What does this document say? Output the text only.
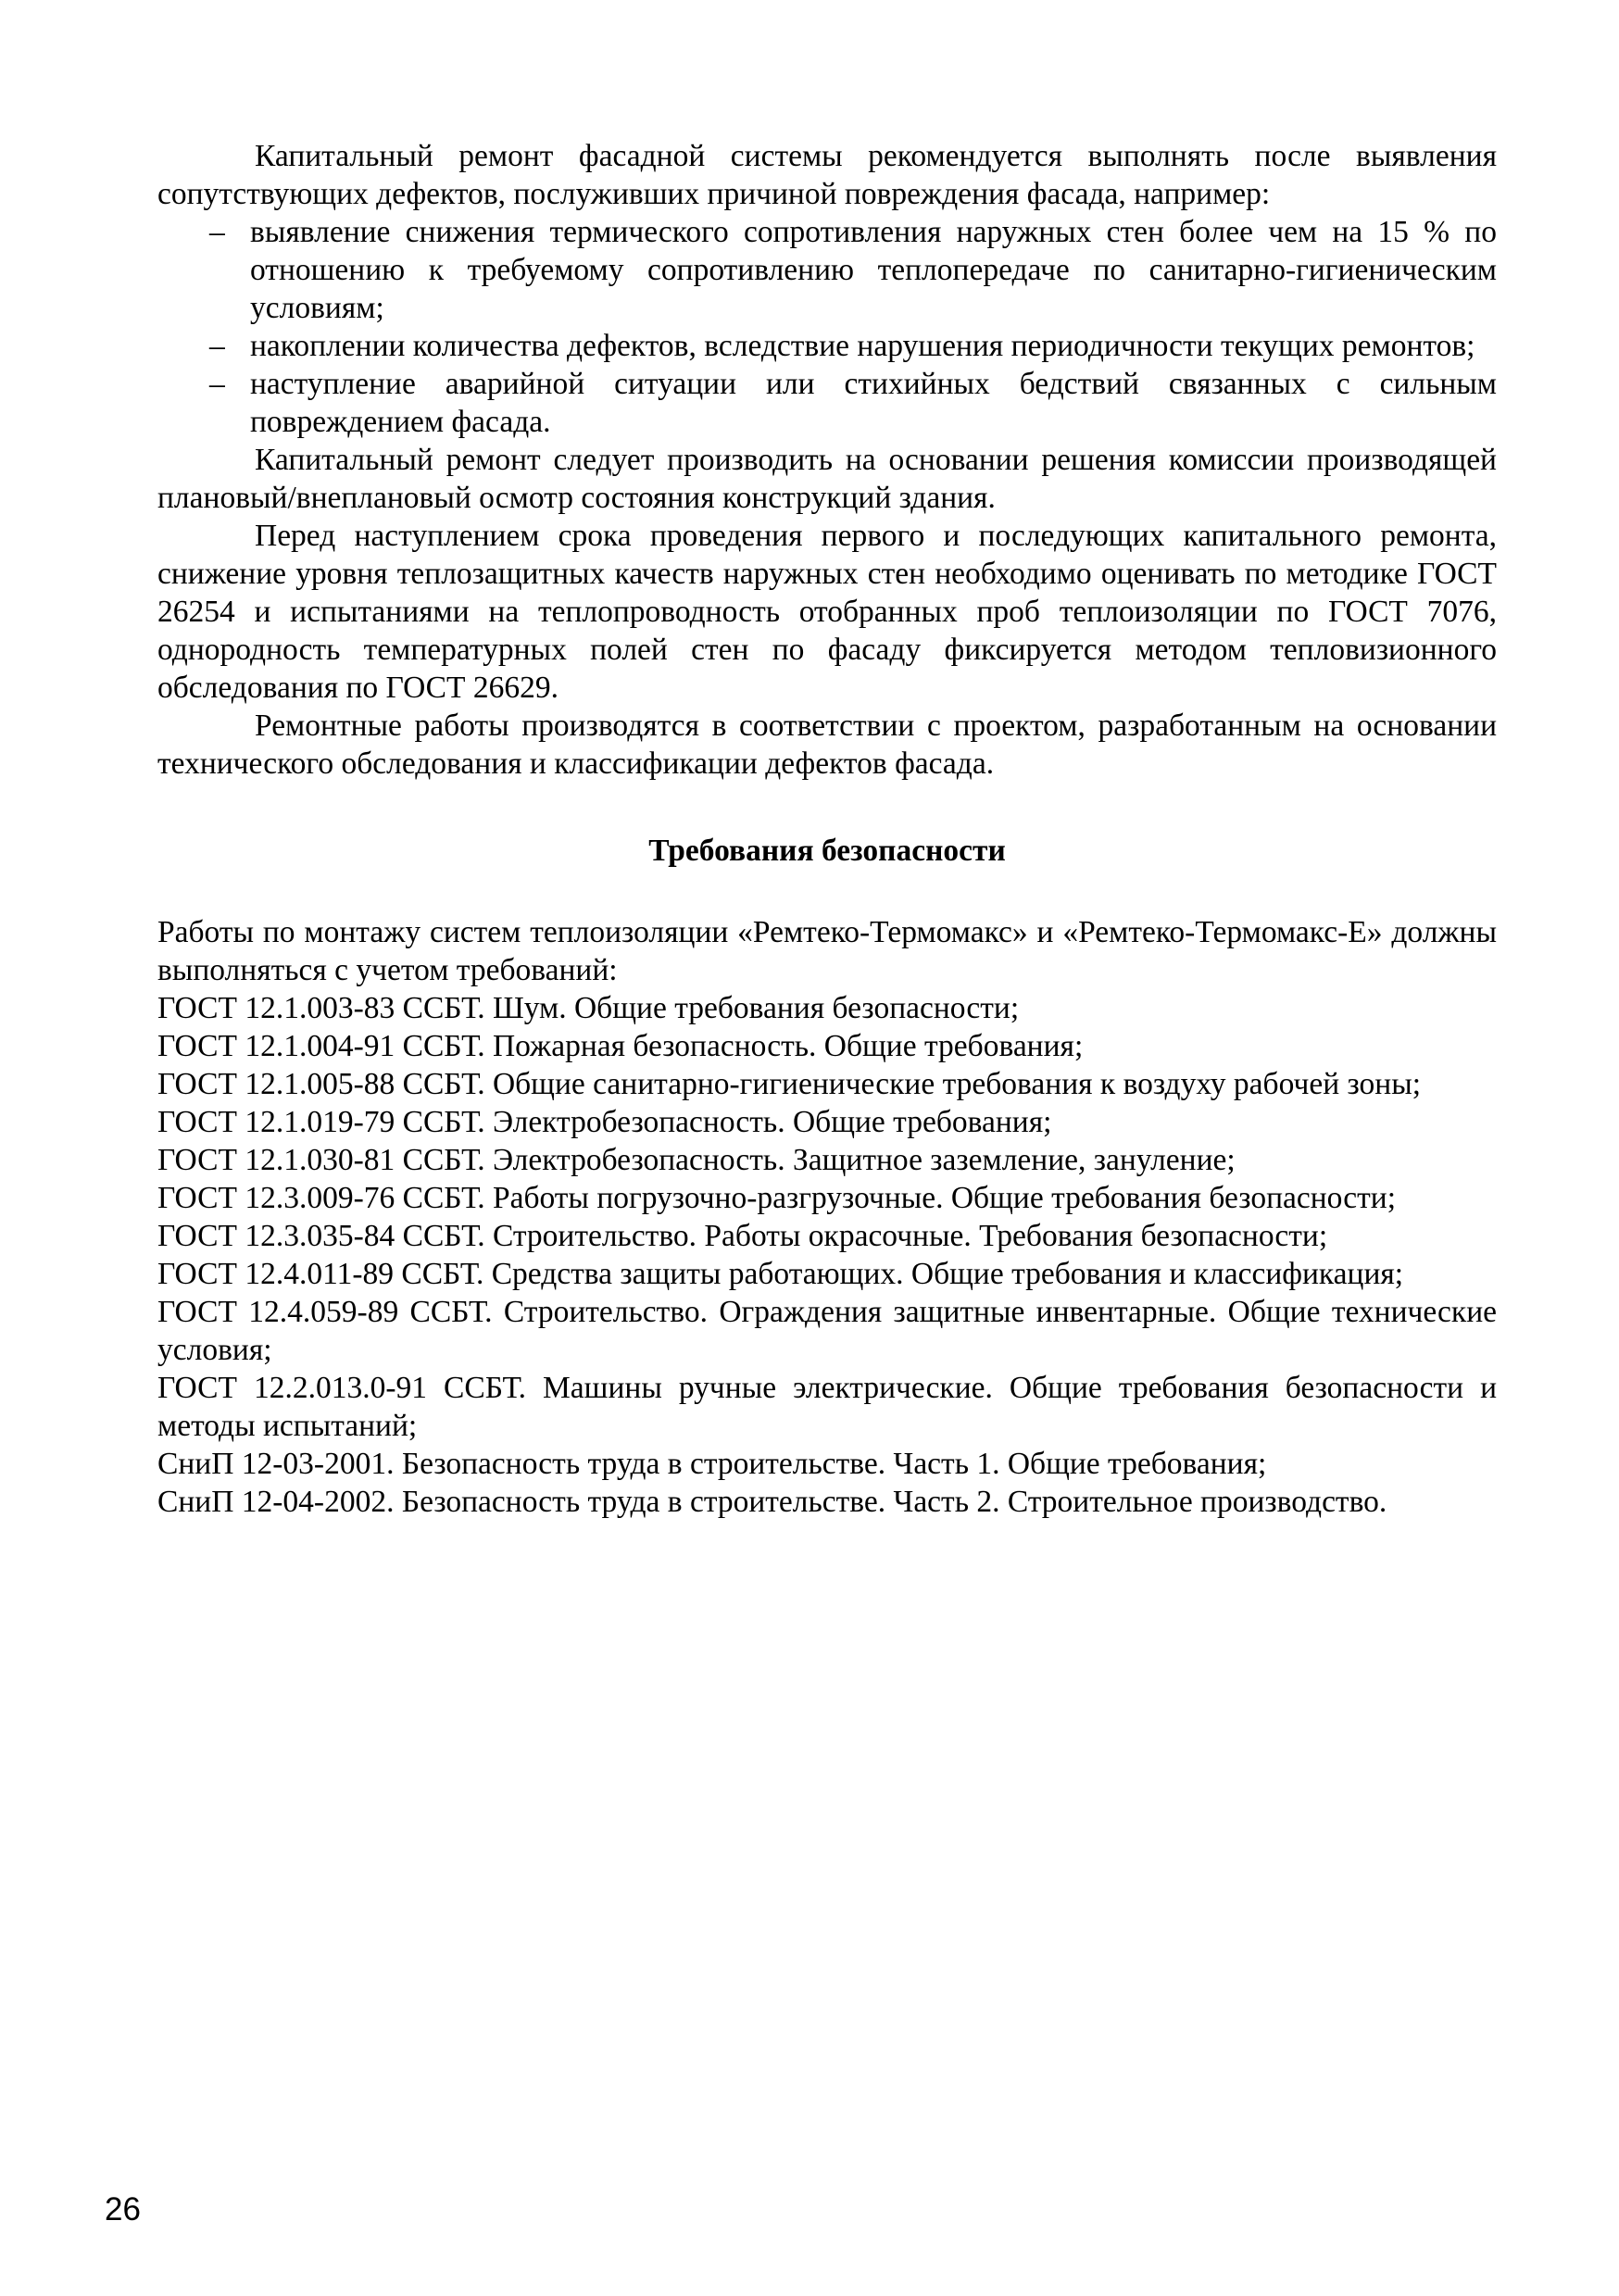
Капитальный ремонт фасадной системы рекомендуется выполнять после выявления сопутствующих дефектов, послуживших причиной повреждения фасада, например:

– выявление снижения термического сопротивления наружных стен более чем на 15 % по отношению к требуемому сопротивлению теплопередаче по санитарно-гигиеническим условиям;
– накоплении количества дефектов, вследствие нарушения периодичности текущих ремонтов;
– наступление аварийной ситуации или стихийных бедствий связанных с сильным повреждением фасада.

Капитальный ремонт следует производить на основании решения комиссии производящей плановый/внеплановый осмотр состояния конструкций здания.

Перед наступлением срока проведения первого и последующих капитального ремонта, снижение уровня теплозащитных качеств наружных стен необходимо оценивать по методике ГОСТ 26254 и испытаниями на теплопроводность отобранных проб теплоизоляции по ГОСТ 7076, однородность температурных полей стен по фасаду фиксируется методом тепловизионного обследования по ГОСТ 26629.

Ремонтные работы производятся в соответствии с проектом, разработанным на основании технического обследования и классификации дефектов фасада.

Требования безопасности

Работы по монтажу систем теплоизоляции «Ремтеко-Термомакс» и «Ремтеко-Термомакс-Е» должны выполняться с учетом требований:

ГОСТ 12.1.003-83 ССБТ. Шум. Общие требования безопасности;
ГОСТ 12.1.004-91 ССБТ. Пожарная безопасность. Общие требования;
ГОСТ 12.1.005-88 ССБТ. Общие санитарно-гигиенические требования к воздуху рабочей зоны;
ГОСТ 12.1.019-79 ССБТ. Электробезопасность. Общие требования;
ГОСТ 12.1.030-81 ССБТ. Электробезопасность. Защитное заземление, зануление;
ГОСТ 12.3.009-76 ССБТ. Работы погрузочно-разгрузочные. Общие требования безопасности;
ГОСТ 12.3.035-84 ССБТ. Строительство. Работы окрасочные. Требования безопасности;
ГОСТ 12.4.011-89 ССБТ. Средства защиты работающих. Общие требования и классификация;
ГОСТ 12.4.059-89 ССБТ. Строительство. Ограждения защитные инвентарные. Общие технические условия;
ГОСТ 12.2.013.0-91 ССБТ. Машины ручные электрические. Общие требования безопасности и методы испытаний;
СниП 12-03-2001. Безопасность труда в строительстве. Часть 1. Общие требования;
СниП 12-04-2002. Безопасность труда в строительстве. Часть 2. Строительное производство.
26
